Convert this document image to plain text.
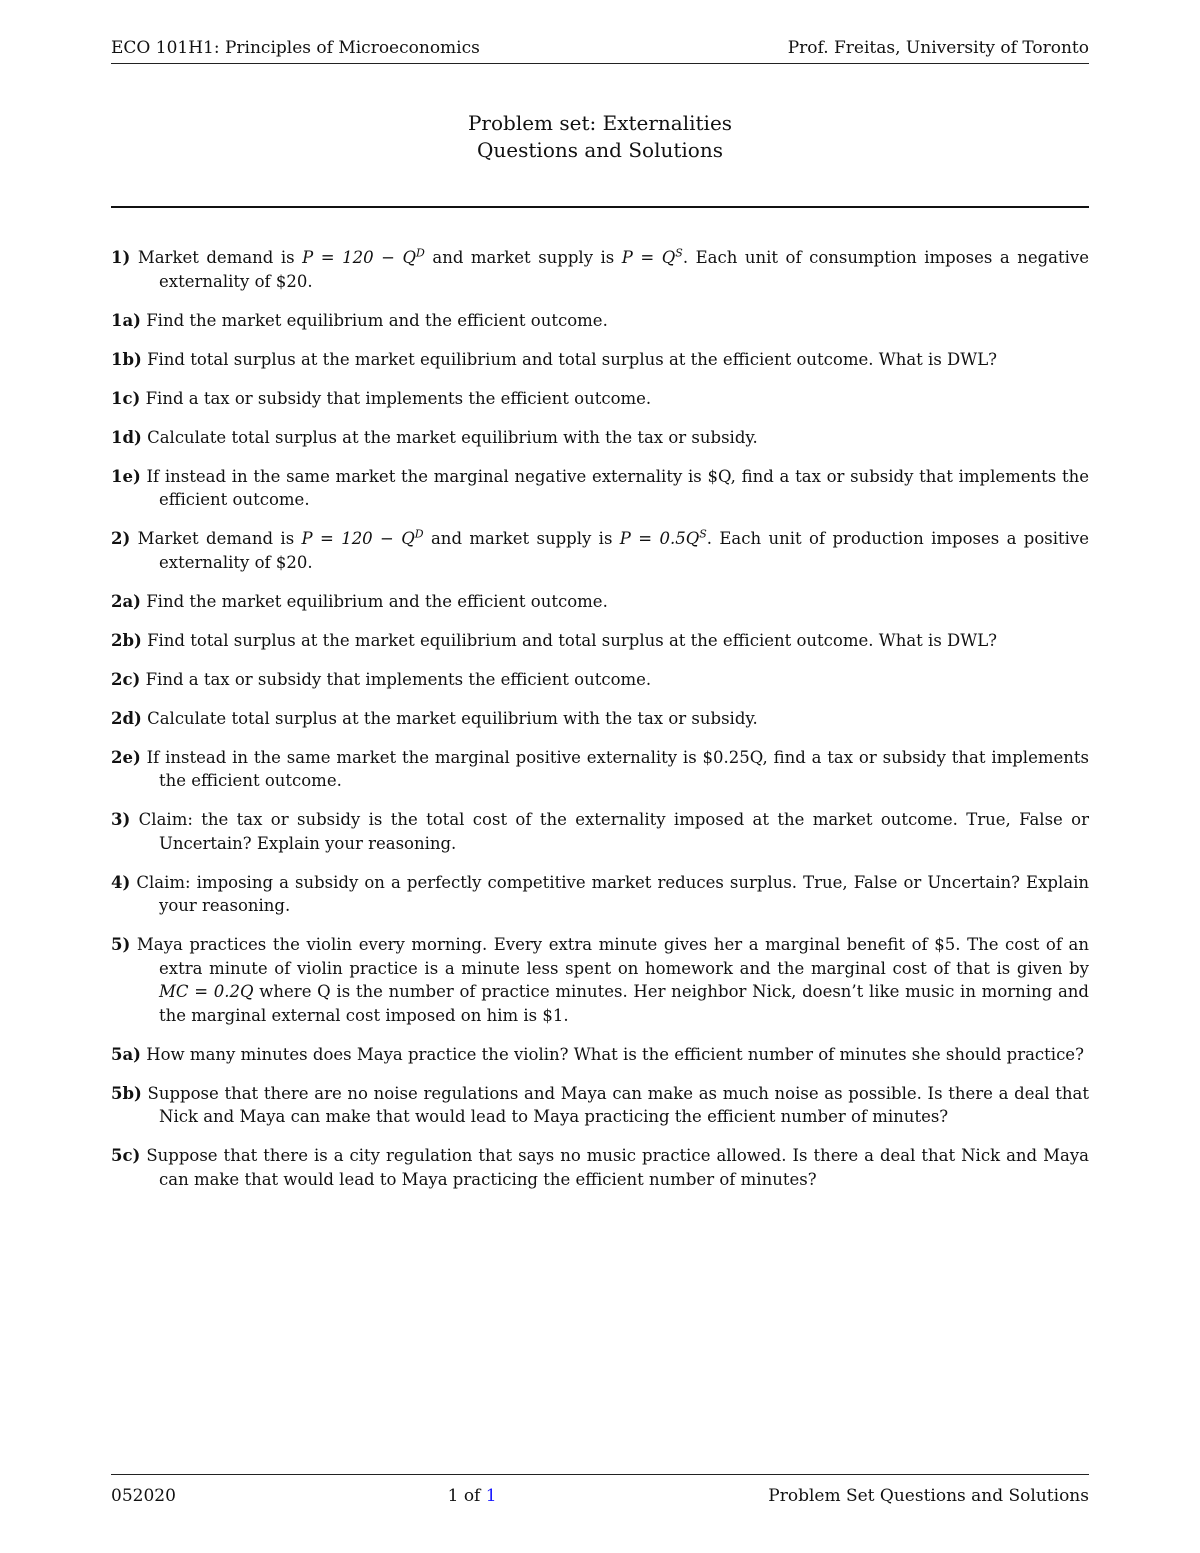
ECO 101H1: Principles of Microeconomics	Prof. Freitas, University of Toronto
Problem set: Externalities
Questions and Solutions

1) Market demand is $P = 120 - Q^D$ and market supply is $P = Q^S$. Each unit of consumption imposes a negative externality of $20.

1a) Find the market equilibrium and the efficient outcome.

1b) Find total surplus at the market equilibrium and total surplus at the efficient outcome. What is DWL?

1c) Find a tax or subsidy that implements the efficient outcome.

1d) Calculate total surplus at the market equilibrium with the tax or subsidy.

1e) If instead in the same market the marginal negative externality is $Q, find a tax or subsidy that implements the efficient outcome.

2) Market demand is $P = 120 - Q^D$ and market supply is $P = 0.5Q^S$. Each unit of production imposes a positive externality of $20.

2a) Find the market equilibrium and the efficient outcome.

2b) Find total surplus at the market equilibrium and total surplus at the efficient outcome. What is DWL?

2c) Find a tax or subsidy that implements the efficient outcome.

2d) Calculate total surplus at the market equilibrium with the tax or subsidy.

2e) If instead in the same market the marginal positive externality is $0.25Q, find a tax or subsidy that implements the efficient outcome.

3) Claim: the tax or subsidy is the total cost of the externality imposed at the market outcome. True, False or Uncertain? Explain your reasoning.

4) Claim: imposing a subsidy on a perfectly competitive market reduces surplus. True, False or Uncertain? Explain your reasoning.

5) Maya practices the violin every morning. Every extra minute gives her a marginal benefit of $5. The cost of an extra minute of violin practice is a minute less spent on homework and the marginal cost of that is given by MC = 0.2Q where Q is the number of practice minutes. Her neighbor Nick, doesn’t like music in morning and the marginal external cost imposed on him is $1.

5a) How many minutes does Maya practice the violin? What is the efficient number of minutes she should practice?

5b) Suppose that there are no noise regulations and Maya can make as much noise as possible. Is there a deal that Nick and Maya can make that would lead to Maya practicing the efficient number of minutes?

5c) Suppose that there is a city regulation that says no music practice allowed. Is there a deal that Nick and Maya can make that would lead to Maya practicing the efficient number of minutes?

052020	1 of 1	Problem Set Questions and Solutions
